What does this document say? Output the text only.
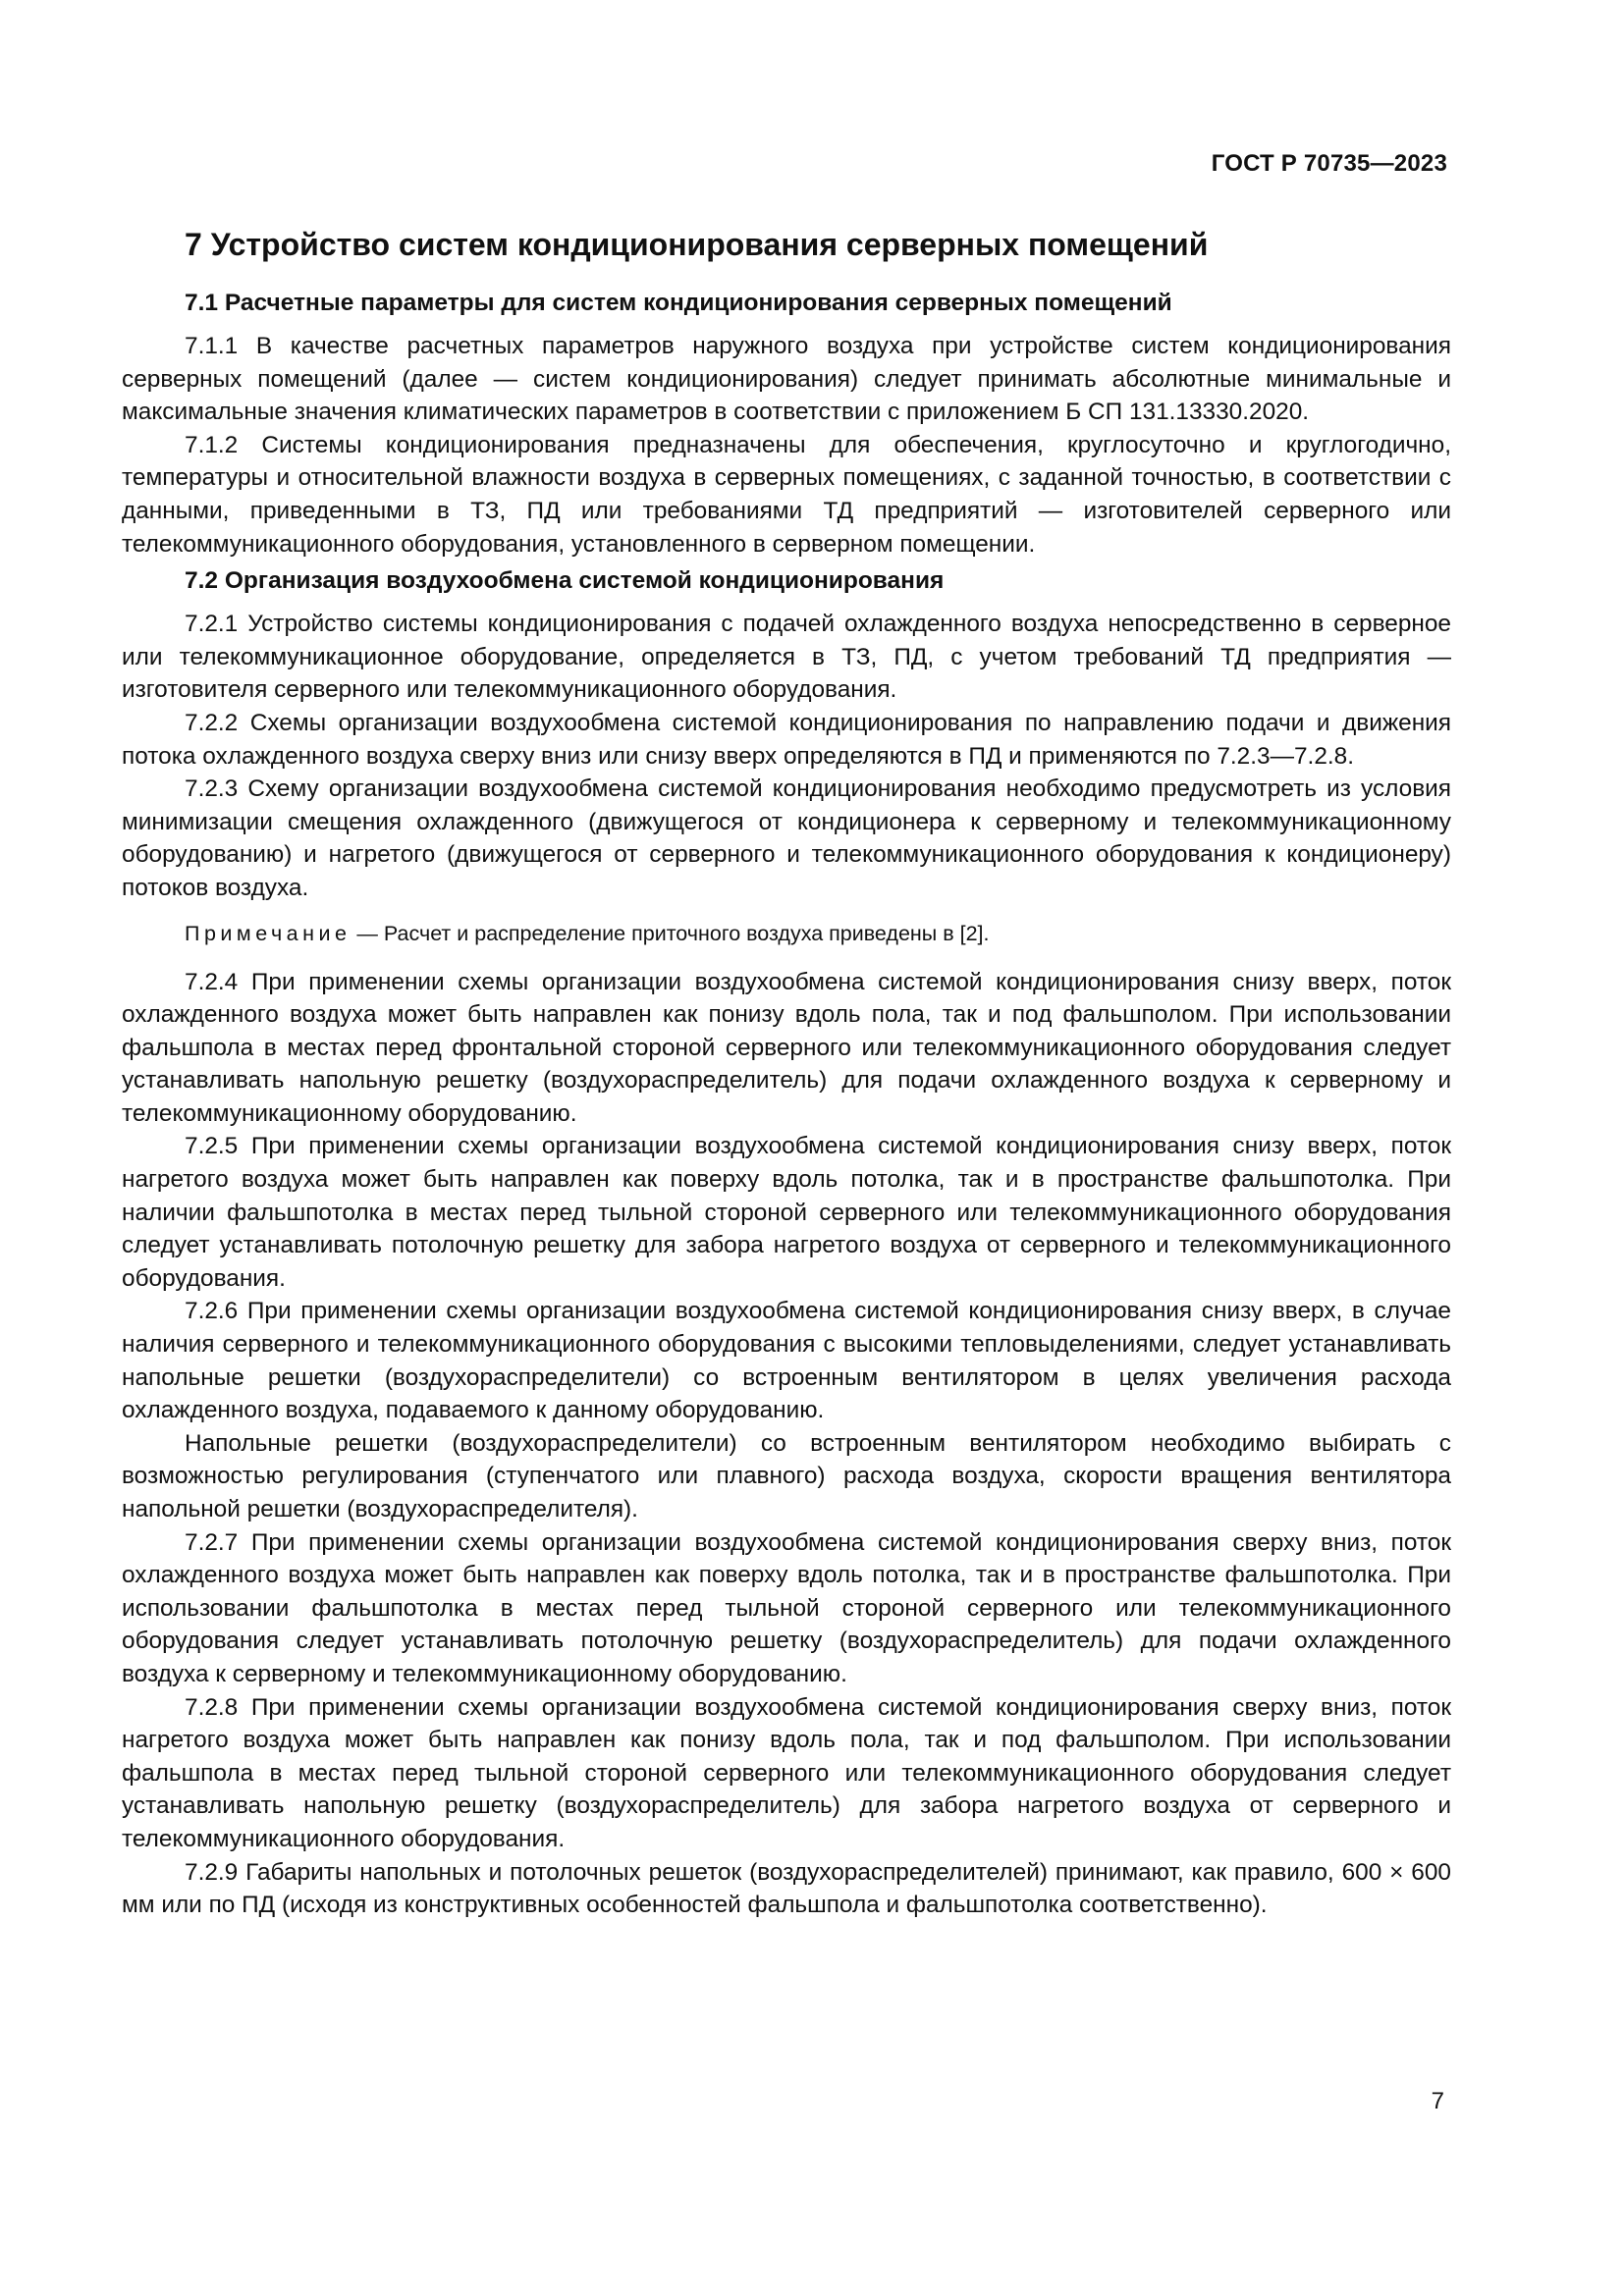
ГОСТ Р 70735—2023
7 Устройство систем кондиционирования серверных помещений
7.1 Расчетные параметры для систем кондиционирования серверных помещений

7.1.1 В качестве расчетных параметров наружного воздуха при устройстве систем кондиционирования серверных помещений (далее — систем кондиционирования) следует принимать абсолютные минимальные и максимальные значения климатических параметров в соответствии с приложением Б СП 131.13330.2020.

7.1.2 Системы кондиционирования предназначены для обеспечения, круглосуточно и круглогодично, температуры и относительной влажности воздуха в серверных помещениях, с заданной точностью, в соответствии с данными, приведенными в ТЗ, ПД или требованиями ТД предприятий — изготовителей серверного или телекоммуникационного оборудования, установленного в серверном помещении.

7.2 Организация воздухообмена системой кондиционирования

7.2.1 Устройство системы кондиционирования с подачей охлажденного воздуха непосредственно в серверное или телекоммуникационное оборудование, определяется в ТЗ, ПД, с учетом требований ТД предприятия — изготовителя серверного или телекоммуникационного оборудования.

7.2.2 Схемы организации воздухообмена системой кондиционирования по направлению подачи и движения потока охлажденного воздуха сверху вниз или снизу вверх определяются в ПД и применяются по 7.2.3—7.2.8.

7.2.3 Схему организации воздухообмена системой кондиционирования необходимо предусмотреть из условия минимизации смещения охлажденного (движущегося от кондиционера к серверному и телекоммуникационному оборудованию) и нагретого (движущегося от серверного и телекоммуникационного оборудования к кондиционеру) потоков воздуха.

Примечание — Расчет и распределение приточного воздуха приведены в [2].

7.2.4 При применении схемы организации воздухообмена системой кондиционирования снизу вверх, поток охлажденного воздуха может быть направлен как понизу вдоль пола, так и под фальшполом. При использовании фальшпола в местах перед фронтальной стороной серверного или телекоммуникационного оборудования следует устанавливать напольную решетку (воздухораспределитель) для подачи охлажденного воздуха к серверному и телекоммуникационному оборудованию.

7.2.5 При применении схемы организации воздухообмена системой кондиционирования снизу вверх, поток нагретого воздуха может быть направлен как поверху вдоль потолка, так и в пространстве фальшпотолка. При наличии фальшпотолка в местах перед тыльной стороной серверного или телекоммуникационного оборудования следует устанавливать потолочную решетку для забора нагретого воздуха от серверного и телекоммуникационного оборудования.

7.2.6 При применении схемы организации воздухообмена системой кондиционирования снизу вверх, в случае наличия серверного и телекоммуникационного оборудования с высокими тепловыделениями, следует устанавливать напольные решетки (воздухораспределители) со встроенным вентилятором в целях увеличения расхода охлажденного воздуха, подаваемого к данному оборудованию.

Напольные решетки (воздухораспределители) со встроенным вентилятором необходимо выбирать с возможностью регулирования (ступенчатого или плавного) расхода воздуха, скорости вращения вентилятора напольной решетки (воздухораспределителя).

7.2.7 При применении схемы организации воздухообмена системой кондиционирования сверху вниз, поток охлажденного воздуха может быть направлен как поверху вдоль потолка, так и в пространстве фальшпотолка. При использовании фальшпотолка в местах перед тыльной стороной серверного или телекоммуникационного оборудования следует устанавливать потолочную решетку (воздухораспределитель) для подачи охлажденного воздуха к серверному и телекоммуникационному оборудованию.

7.2.8 При применении схемы организации воздухообмена системой кондиционирования сверху вниз, поток нагретого воздуха может быть направлен как понизу вдоль пола, так и под фальшполом. При использовании фальшпола в местах перед тыльной стороной серверного или телекоммуникационного оборудования следует устанавливать напольную решетку (воздухораспределитель) для забора нагретого воздуха от серверного и телекоммуникационного оборудования.

7.2.9 Габариты напольных и потолочных решеток (воздухораспределителей) принимают, как правило, 600 × 600 мм или по ПД (исходя из конструктивных особенностей фальшпола и фальшпотолка соответственно).

7
